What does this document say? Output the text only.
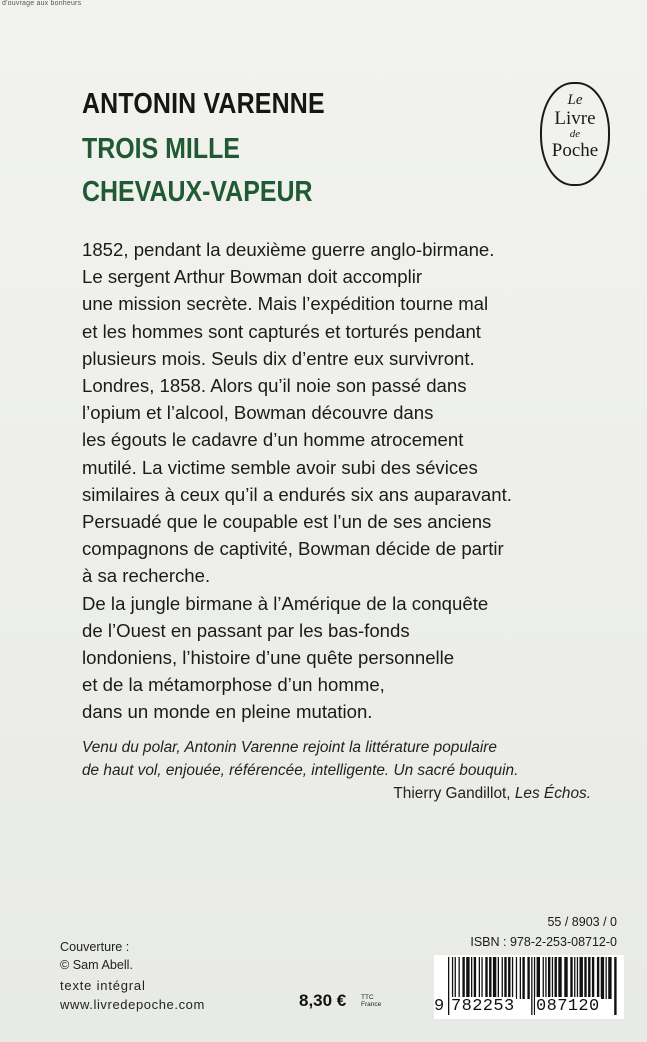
d'ouvrage aux bonheurs
ANTONIN VARENNE
TROIS MILLE
CHEVAUX-VAPEUR
Le
Livre
de
Poche
1852, pendant la deuxième guerre anglo-birmane.
Le sergent Arthur Bowman doit accomplir
une mission secrète. Mais l’expédition tourne mal
et les hommes sont capturés et torturés pendant
plusieurs mois. Seuls dix d’entre eux survivront.
Londres, 1858. Alors qu’il noie son passé dans
l’opium et l’alcool, Bowman découvre dans
les égouts le cadavre d’un homme atrocement
mutilé. La victime semble avoir subi des sévices
similaires à ceux qu’il a endurés six ans auparavant.
Persuadé que le coupable est l’un de ses anciens
compagnons de captivité, Bowman décide de partir
à sa recherche.
De la jungle birmane à l’Amérique de la conquête
de l’Ouest en passant par les bas-fonds
londoniens, l’histoire d’une quête personnelle
et de la métamorphose d’un homme,
dans un monde en pleine mutation.
Venu du polar, Antonin Varenne rejoint la littérature populaire
de haut vol, enjouée, référencée, intelligente. Un sacré bouquin.
Thierry Gandillot, Les Échos.
Couverture :
© Sam Abell.
texte intégral
www.livredepoche.com	8,30 € TTC
France
55 / 8903 / 0
ISBN : 978-2-253-08712-0
9 782253 087120
